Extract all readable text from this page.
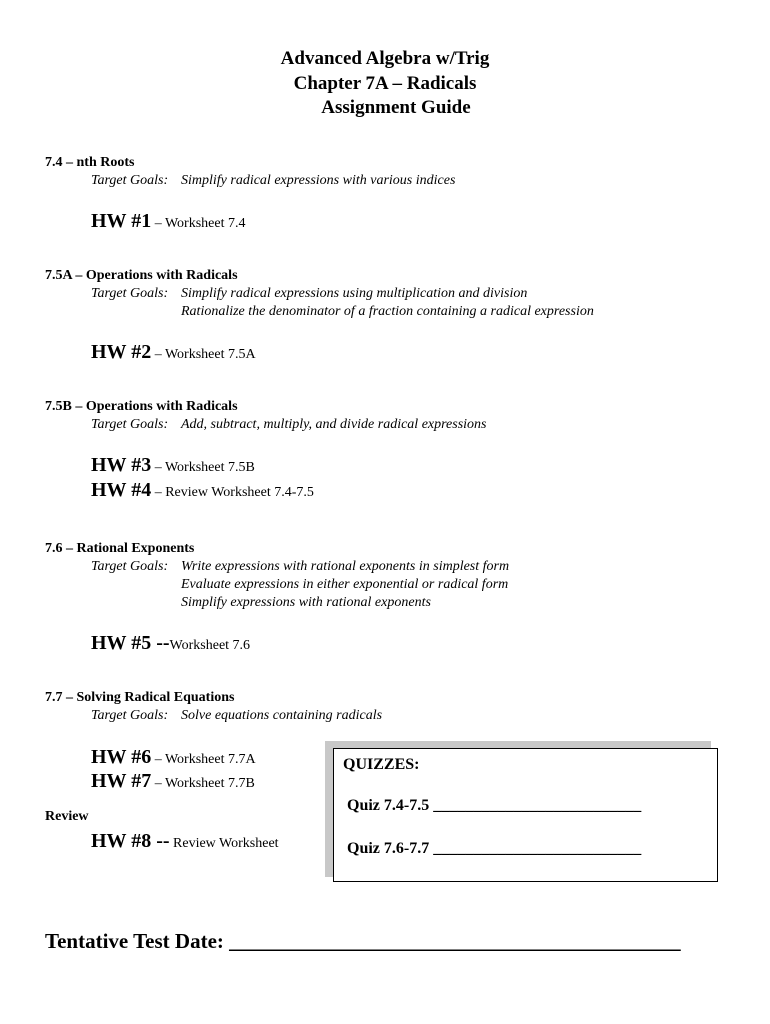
Advanced Algebra w/Trig
Chapter 7A – Radicals
Assignment Guide
7.4 – nth Roots
Target Goals: Simplify radical expressions with various indices
HW #1 – Worksheet 7.4
7.5A – Operations with Radicals
Target Goals: Simplify radical expressions using multiplication and division
Rationalize the denominator of a fraction containing a radical expression
HW #2 – Worksheet 7.5A
7.5B – Operations with Radicals
Target Goals: Add, subtract, multiply, and divide radical expressions
HW #3 – Worksheet 7.5B
HW #4 – Review Worksheet 7.4-7.5
7.6 – Rational Exponents
Target Goals: Write expressions with rational exponents in simplest form
Evaluate expressions in either exponential or radical form
Simplify expressions with rational exponents
HW #5 --Worksheet 7.6
7.7 – Solving Radical Equations
Target Goals: Solve equations containing radicals
HW #6 – Worksheet 7.7A
HW #7 – Worksheet 7.7B
Review
HW #8 -- Review Worksheet
QUIZZES:
Quiz 7.4-7.5 __________________________
Quiz 7.6-7.7 __________________________
Tentative Test Date: ___________________________________________
